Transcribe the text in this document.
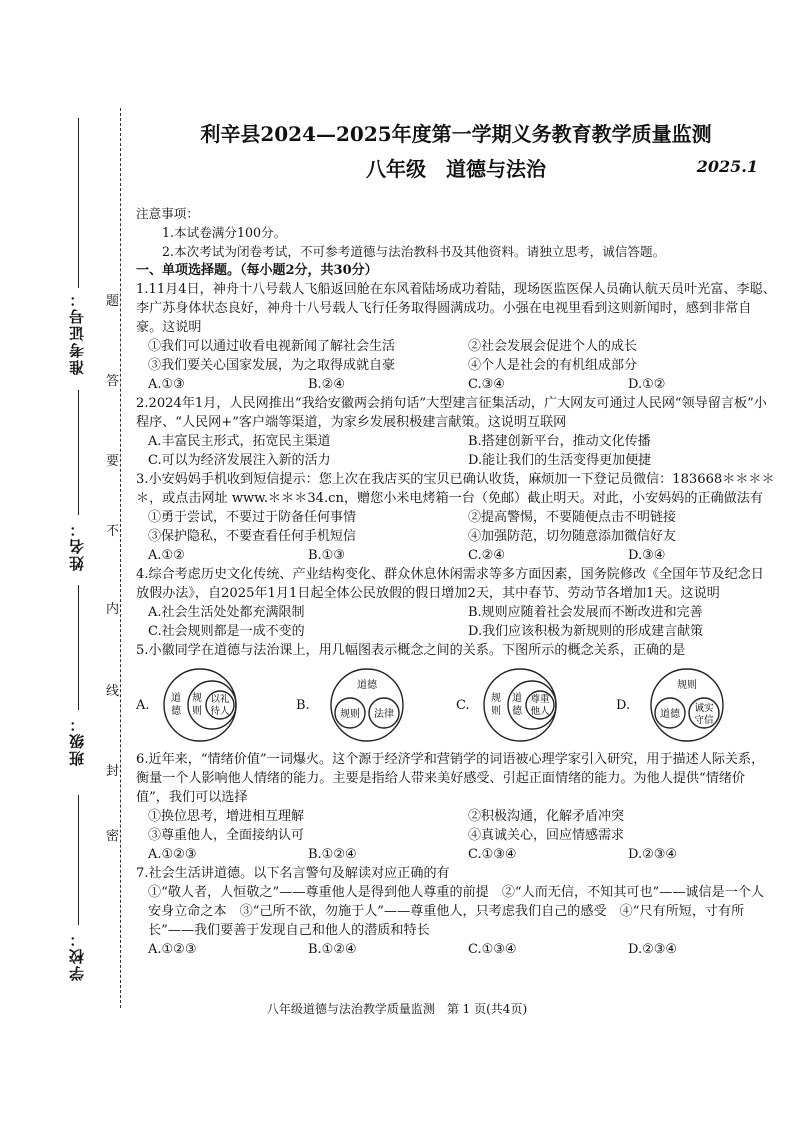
准考证号：
姓名：
班级：
学校：
题
答
要
不
内
线
封
密
利辛县2024—2025年度第一学期义务教育教学质量监测
八年级　道德与法治	2025.1
注意事项：
1.本试卷满分100分。
2.本次考试为闭卷考试，不可参考道德与法治教科书及其他资料。请独立思考，诚信答题。
一、单项选择题。（每小题2分，共30分）
1.11月4日，神舟十八号载人飞船返回舱在东风着陆场成功着陆，现场医监医保人员确认航天员叶光富、李聪、李广苏身体状态良好，神舟十八号载人飞行任务取得圆满成功。小强在电视里看到这则新闻时，感到非常自豪。这说明
①我们可以通过收看电视新闻了解社会生活	②社会发展会促进个人的成长
③我们要关心国家发展，为之取得成就自豪	④个人是社会的有机组成部分
A.①③	B.②④	C.③④	D.①②
2.2024年1月，人民网推出“我给安徽两会捎句话”大型建言征集活动，广大网友可通过人民网“领导留言板”小程序、“人民网+”客户端等渠道，为家乡发展积极建言献策。这说明互联网
A.丰富民主形式，拓宽民主渠道	B.搭建创新平台，推动文化传播
C.可以为经济发展注入新的活力	D.能让我们的生活变得更加便捷
3.小安妈妈手机收到短信提示：您上次在我店买的宝贝已确认收货，麻烦加一下登记员微信：183668＊＊＊＊＊，或点击网址 www.＊＊＊34.cn，赠您小米电烤箱一台（免邮）截止明天。对此，小安妈妈的正确做法有
①勇于尝试，不要过于防备任何事情	②提高警惕，不要随便点击不明链接
③保护隐私，不要查看任何手机短信	④加强防范，切勿随意添加微信好友
A.①②	B.①③	C.②④	D.③④
4.综合考虑历史文化传统、产业结构变化、群众休息休闲需求等多方面因素，国务院修改《全国年节及纪念日放假办法》，自2025年1月1日起全体公民放假的假日增加2天，其中春节、劳动节各增加1天。这说明
A.社会生活处处都充满限制	B.规则应随着社会发展而不断改进和完善
C.社会规则都是一成不变的	D.我们应该积极为新规则的形成建言献策
5.小徽同学在道德与法治课上，用几幅图表示概念之间的关系。下图所示的概念关系，正确的是
A. 道
德
规
则
以礼
待人	B.
道德
规则 法律
C. 规
则
道
德
尊重
他人	D.
规则
道德
诚实
守信
6.近年来，“情绪价值”一词爆火。这个源于经济学和营销学的词语被心理学家引入研究，用于描述人际关系，衡量一个人影响他人情绪的能力。主要是指给人带来美好感受、引起正面情绪的能力。为他人提供“情绪价值”，我们可以选择
①换位思考，增进相互理解	②积极沟通，化解矛盾冲突
③尊重他人，全面接纳认可	④真诚关心，回应情感需求
A.①②③	B.①②④	C.①③④	D.②③④
7.社会生活讲道德。以下名言警句及解读对应正确的有
①“敬人者，人恒敬之”——尊重他人是得到他人尊重的前提　②“人而无信，不知其可也”——诚信是一个人安身立命之本　③“己所不欲，勿施于人”——尊重他人，只考虑我们自己的感受　④“尺有所短，寸有所长”——我们要善于发现自己和他人的潜质和特长
A.①②③	B.①②④	C.①③④	D.②③④
八年级道德与法治教学质量监测　第 1 页(共4页)
